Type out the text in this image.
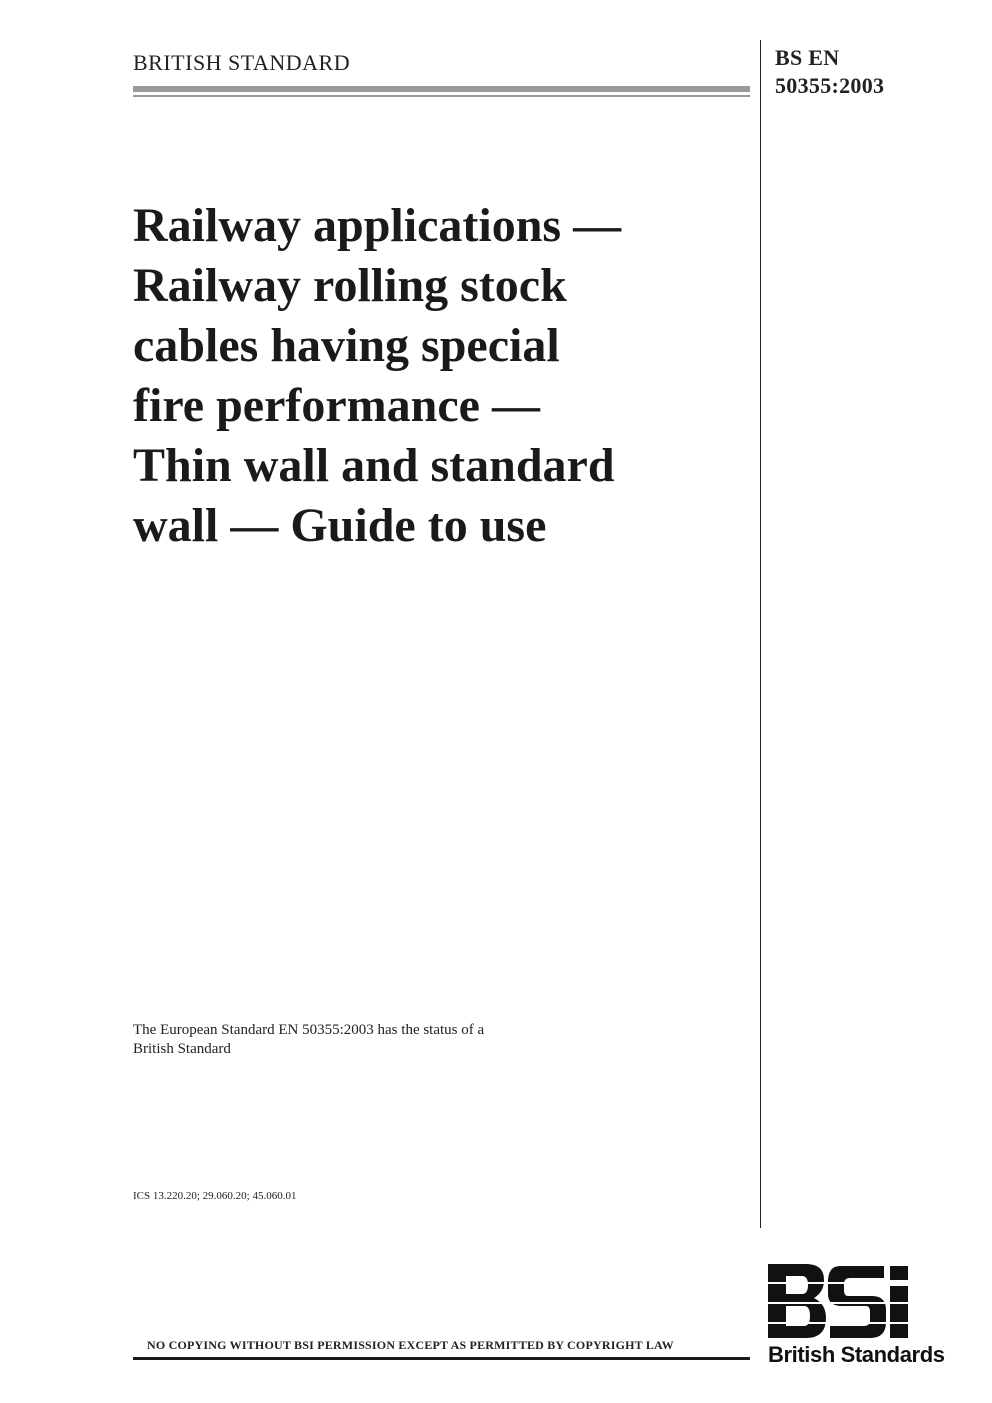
BRITISH STANDARD	BS EN
50355:2003
Railway applications —
Railway rolling stock
cables having special
fire performance —
Thin wall and standard
wall — Guide to use
The European Standard EN 50355:2003 has the status of a
British Standard
ICS 13.220.20; 29.060.20; 45.060.01
NO COPYING WITHOUT BSI PERMISSION EXCEPT AS PERMITTED BY COPYRIGHT LAW	British Standards
